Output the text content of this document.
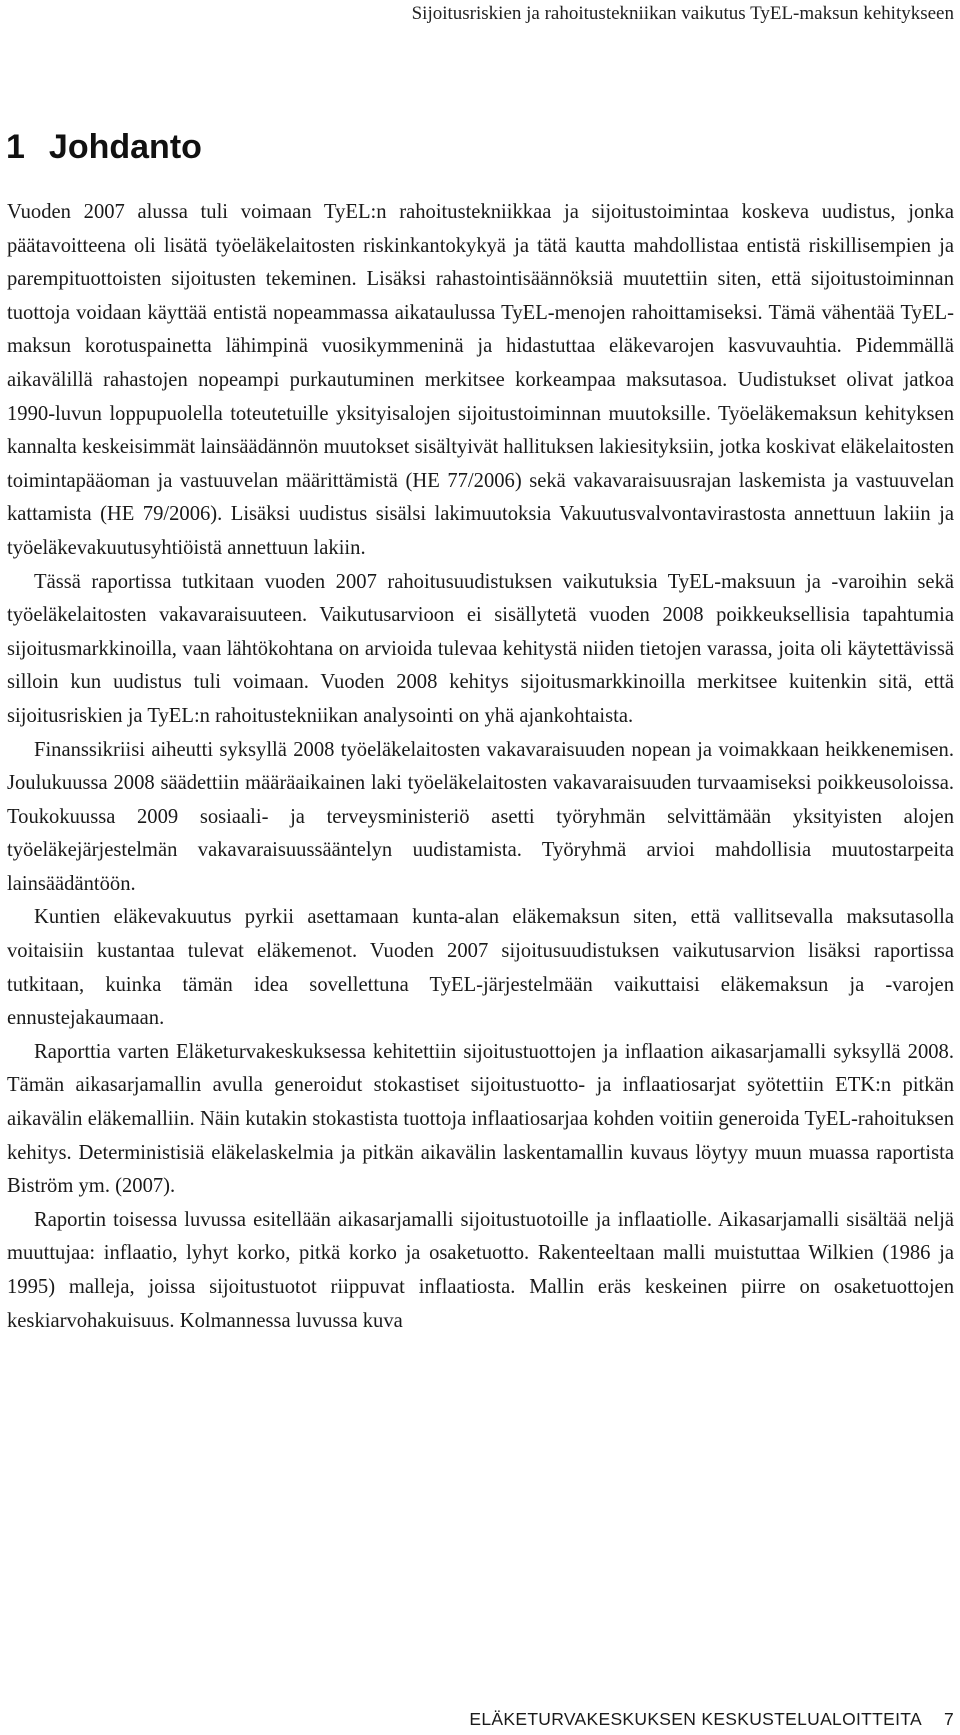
Sijoitusriskien ja rahoitustekniikan vaikutus TyEL-maksun kehitykseen
1 Johdanto

Vuoden 2007 alussa tuli voimaan TyEL:n rahoitustekniikkaa ja sijoitustoimintaa koskeva uudistus, jonka päätavoitteena oli lisätä työeläkelaitosten riskinkantokykyä ja tätä kautta mahdollistaa entistä riskillisempien ja parempituottoisten sijoitusten tekeminen. Lisäksi rahastointisäännöksiä muutettiin siten, että sijoitustoiminnan tuottoja voidaan käyttää entistä nopeammassa aikataulussa TyEL-menojen rahoittamiseksi. Tämä vähentää TyEL-maksun korotuspainetta lähimpinä vuosikymmeninä ja hidastuttaa eläkevarojen kasvuvauhtia. Pidemmällä aikavälillä rahastojen nopeampi purkautuminen merkitsee korkeampaa maksutasoa. Uudistukset olivat jatkoa 1990-luvun loppupuolella toteutetuille yksityisalojen sijoitustoiminnan muutoksille. Työeläkemaksun kehityksen kannalta keskeisimmät lainsäädännön muutokset sisältyivät hallituksen lakiesityksiin, jotka koskivat eläkelaitosten toimintapääoman ja vastuuvelan määrittämistä (HE 77/2006) sekä vakavaraisuusrajan laskemista ja vastuuvelan kattamista (HE 79/2006). Lisäksi uudistus sisälsi lakimuutoksia Vakuutusvalvontavirastosta annettuun lakiin ja työeläkevakuutusyhtiöistä annettuun lakiin.

Tässä raportissa tutkitaan vuoden 2007 rahoitusuudistuksen vaikutuksia TyEL-maksuun ja -varoihin sekä työeläkelaitosten vakavaraisuuteen. Vaikutusarvioon ei sisällytetä vuoden 2008 poikkeuksellisia tapahtumia sijoitusmarkkinoilla, vaan lähtökohtana on arvioida tulevaa kehitystä niiden tietojen varassa, joita oli käytettävissä silloin kun uudistus tuli voimaan. Vuoden 2008 kehitys sijoitusmarkkinoilla merkitsee kuitenkin sitä, että sijoitusriskien ja TyEL:n rahoitustekniikan analysointi on yhä ajankohtaista.

Finanssikriisi aiheutti syksyllä 2008 työeläkelaitosten vakavaraisuuden nopean ja voimakkaan heikkenemisen. Joulukuussa 2008 säädettiin määräaikainen laki työeläkelaitosten vakavaraisuuden turvaamiseksi poikkeusoloissa. Toukokuussa 2009 sosiaali- ja terveysministeriö asetti työryhmän selvittämään yksityisten alojen työeläkejärjestelmän vakavaraisuussääntelyn uudistamista. Työryhmä arvioi mahdollisia muutostarpeita lainsäädäntöön.

Kuntien eläkevakuutus pyrkii asettamaan kunta-alan eläkemaksun siten, että vallitsevalla maksutasolla voitaisiin kustantaa tulevat eläkemenot. Vuoden 2007 sijoitusuudistuksen vaikutusarvion lisäksi raportissa tutkitaan, kuinka tämän idea sovellettuna TyEL-järjestelmään vaikuttaisi eläkemaksun ja -varojen ennustejakaumaan.

Raporttia varten Eläketurvakeskuksessa kehitettiin sijoitustuottojen ja inflaation aikasarjamalli syksyllä 2008. Tämän aikasarjamallin avulla generoidut stokastiset sijoitustuotto- ja inflaatiosarjat syötettiin ETK:n pitkän aikavälin eläkemalliin. Näin kutakin stokastista tuottoja inflaatiosarjaa kohden voitiin generoida TyEL-rahoituksen kehitys. Deterministisiä eläkelaskelmia ja pitkän aikavälin laskentamallin kuvaus löytyy muun muassa raportista Biström ym. (2007).

Raportin toisessa luvussa esitellään aikasarjamalli sijoitustuotoille ja inflaatiolle. Aikasarjamalli sisältää neljä muuttujaa: inflaatio, lyhyt korko, pitkä korko ja osaketuotto. Rakenteeltaan malli muistuttaa Wilkien (1986 ja 1995) malleja, joissa sijoitustuotot riippuvat inflaatiosta. Mallin eräs keskeinen piirre on osaketuottojen keskiarvohakuisuus. Kolmannessa luvussa kuva

ELÄKETURVAKESKUKSEN KESKUSTELUALOITTEITA 7
